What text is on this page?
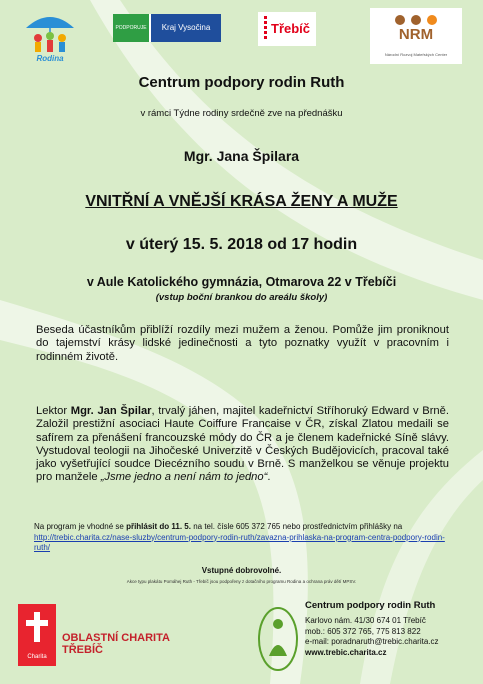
Rodina
PODPORUJE	Kraj Vysočina	Třebíč	NRM
Národní Rozvoj Mateřských Center
Centrum podpory rodin Ruth
v rámci Týdne rodiny srdečně zve na přednášku
Mgr. Jana Špilara
VNITŘNÍ A VNĚJŠÍ KRÁSA ŽENY A MUŽE
v úterý 15. 5. 2018 od 17 hodin
v Aule Katolického gymnázia, Otmarova 22 v Třebíči
(vstup boční brankou do areálu školy)
Beseda účastníkům přiblíží rozdíly mezi mužem a ženou. Pomůže jim proniknout do tajemství krásy lidské jedinečnosti a tyto poznatky využít v pracovním i rodinném životě.
Lektor Mgr. Jan Špilar, trvalý jáhen, majitel kadeřnictví Stříhoruký Edward v Brně. Založil prestižní asociaci Haute Coiffure Francaise v ČR, získal Zlatou medaili se safírem za přenášení francouzské módy do ČR a je členem kadeřnické Síně slávy. Vystudoval teologii na Jihočeské Univerzitě v Českých Budějovicích, pracoval také jako vyšetřující soudce Diecézního soudu v Brně. S manželkou se věnuje projektu pro manžele „Jsme jedno a není nám to jedno“.
Na program je vhodné se přihlásit do 11. 5. na tel. čísle 605 372 765 nebo prostřednictvím přihlášky na http://trebic.charita.cz/nase-sluzby/centrum-podpory-rodin-ruth/zavazna-prihlaska-na-program-centra-podpory-rodin-ruth/
Vstupné dobrovolné.
Akce typu plakátu Pomáhej Ruth - Třebíč jsou podpořeny z dotačního programu Rodina a ochrana práv dětí MPSV.
Charita
OBLASTNÍ CHARITA
TŘEBÍČ
Centrum podpory rodin Ruth
Karlovo nám. 41/30 674 01 Třebíč
mob.: 605 372 765, 775 813 822
e-mail: poradnaruth@trebic.charita.cz
www.trebic.charita.cz
